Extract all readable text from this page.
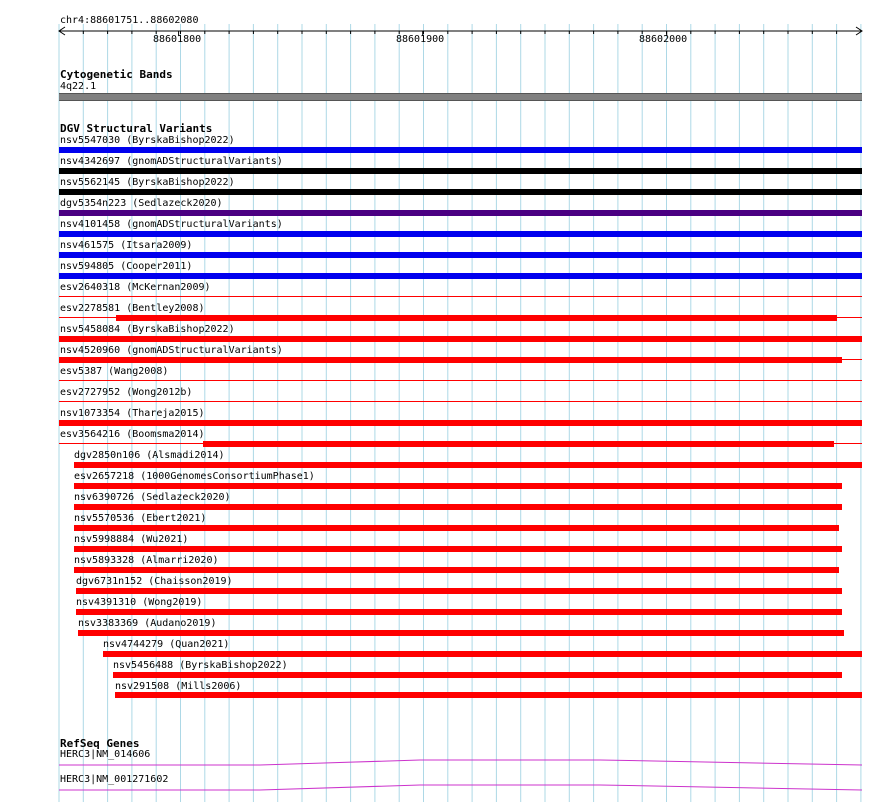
chr4:88601751..88602080
88601800	88601900	88602000
Cytogenetic Bands
4q22.1
DGV Structural Variants
nsv5547030 (ByrskaBishop2022)
nsv4342697 (gnomADStructuralVariants)
nsv5562145 (ByrskaBishop2022)
dgv5354n223 (Sedlazeck2020)
nsv4101458 (gnomADStructuralVariants)
nsv461575 (Itsara2009)
nsv594805 (Cooper2011)
esv2640318 (McKernan2009)
esv2278581 (Bentley2008)
nsv5458084 (ByrskaBishop2022)
nsv4520960 (gnomADStructuralVariants)
esv5387 (Wang2008)
esv2727952 (Wong2012b)
nsv1073354 (Thareja2015)
esv3564216 (Boomsma2014)
dgv2850n106 (Alsmadi2014)
esv2657218 (1000GenomesConsortiumPhase1)
nsv6390726 (Sedlazeck2020)
nsv5570536 (Ebert2021)
nsv5998884 (Wu2021)
nsv5893328 (Almarri2020)
dgv6731n152 (Chaisson2019)
nsv4391310 (Wong2019)
nsv3383369 (Audano2019)
nsv4744279 (Quan2021)
nsv5456488 (ByrskaBishop2022)
nsv291508 (Mills2006)
RefSeq Genes
HERC3|NM_014606
HERC3|NM_001271602
